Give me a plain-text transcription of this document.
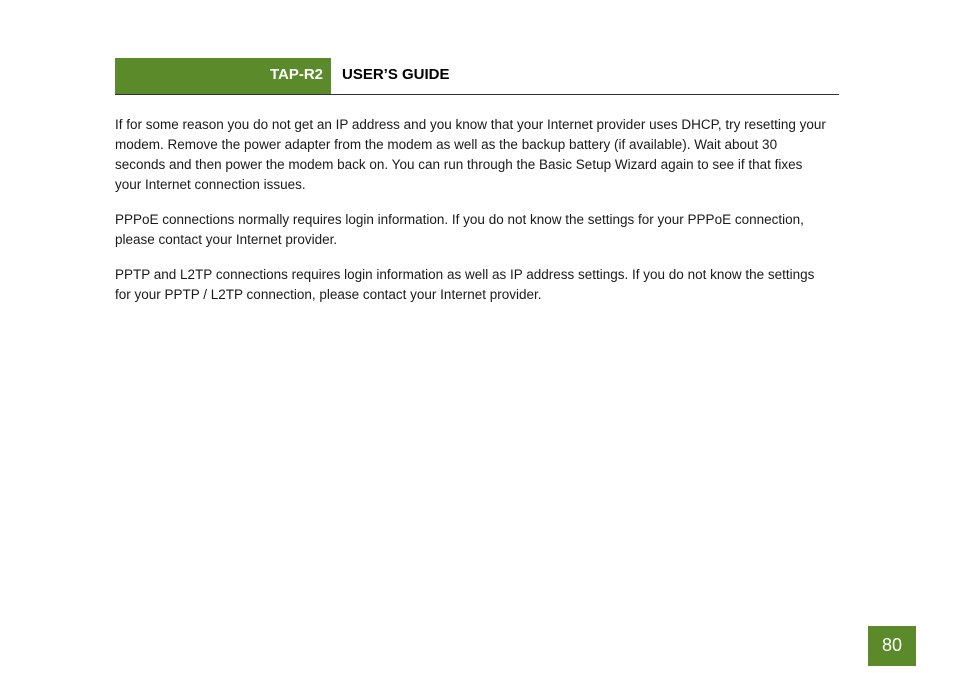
TAP-R2 USER’S GUIDE

If for some reason you do not get an IP address and you know that your Internet provider uses DHCP, try resetting your modem. Remove the power adapter from the modem as well as the backup battery (if available). Wait about 30 seconds and then power the modem back on. You can run through the Basic Setup Wizard again to see if that fixes your Internet connection issues.

PPPoE connections normally requires login information. If you do not know the settings for your PPPoE connection, please contact your Internet provider.

PPTP and L2TP connections requires login information as well as IP address settings. If you do not know the settings for your PPTP / L2TP connection, please contact your Internet provider.

80
